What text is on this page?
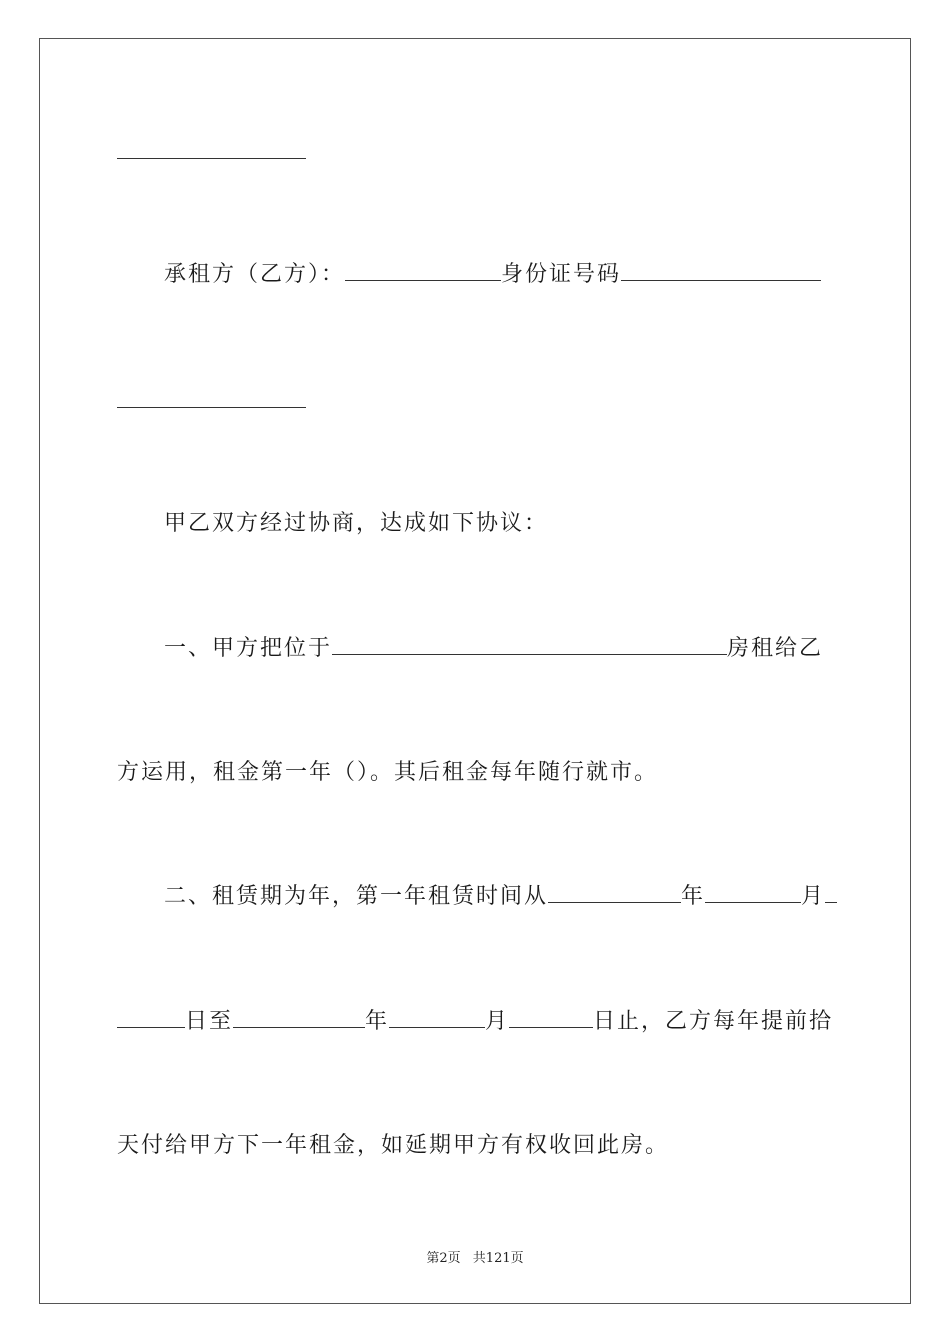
承租方（乙方）：	身份证号码
甲乙双方经过协商，达成如下协议：
一、甲方把位于	房租给乙
方运用，租金第一年（）。其后租金每年随行就市。
二、租赁期为年，第一年租赁时间从	年	月
日至	年	月	日止，乙方每年提前拾
天付给甲方下一年租金，如延期甲方有权收回此房。
第2页 共121页
